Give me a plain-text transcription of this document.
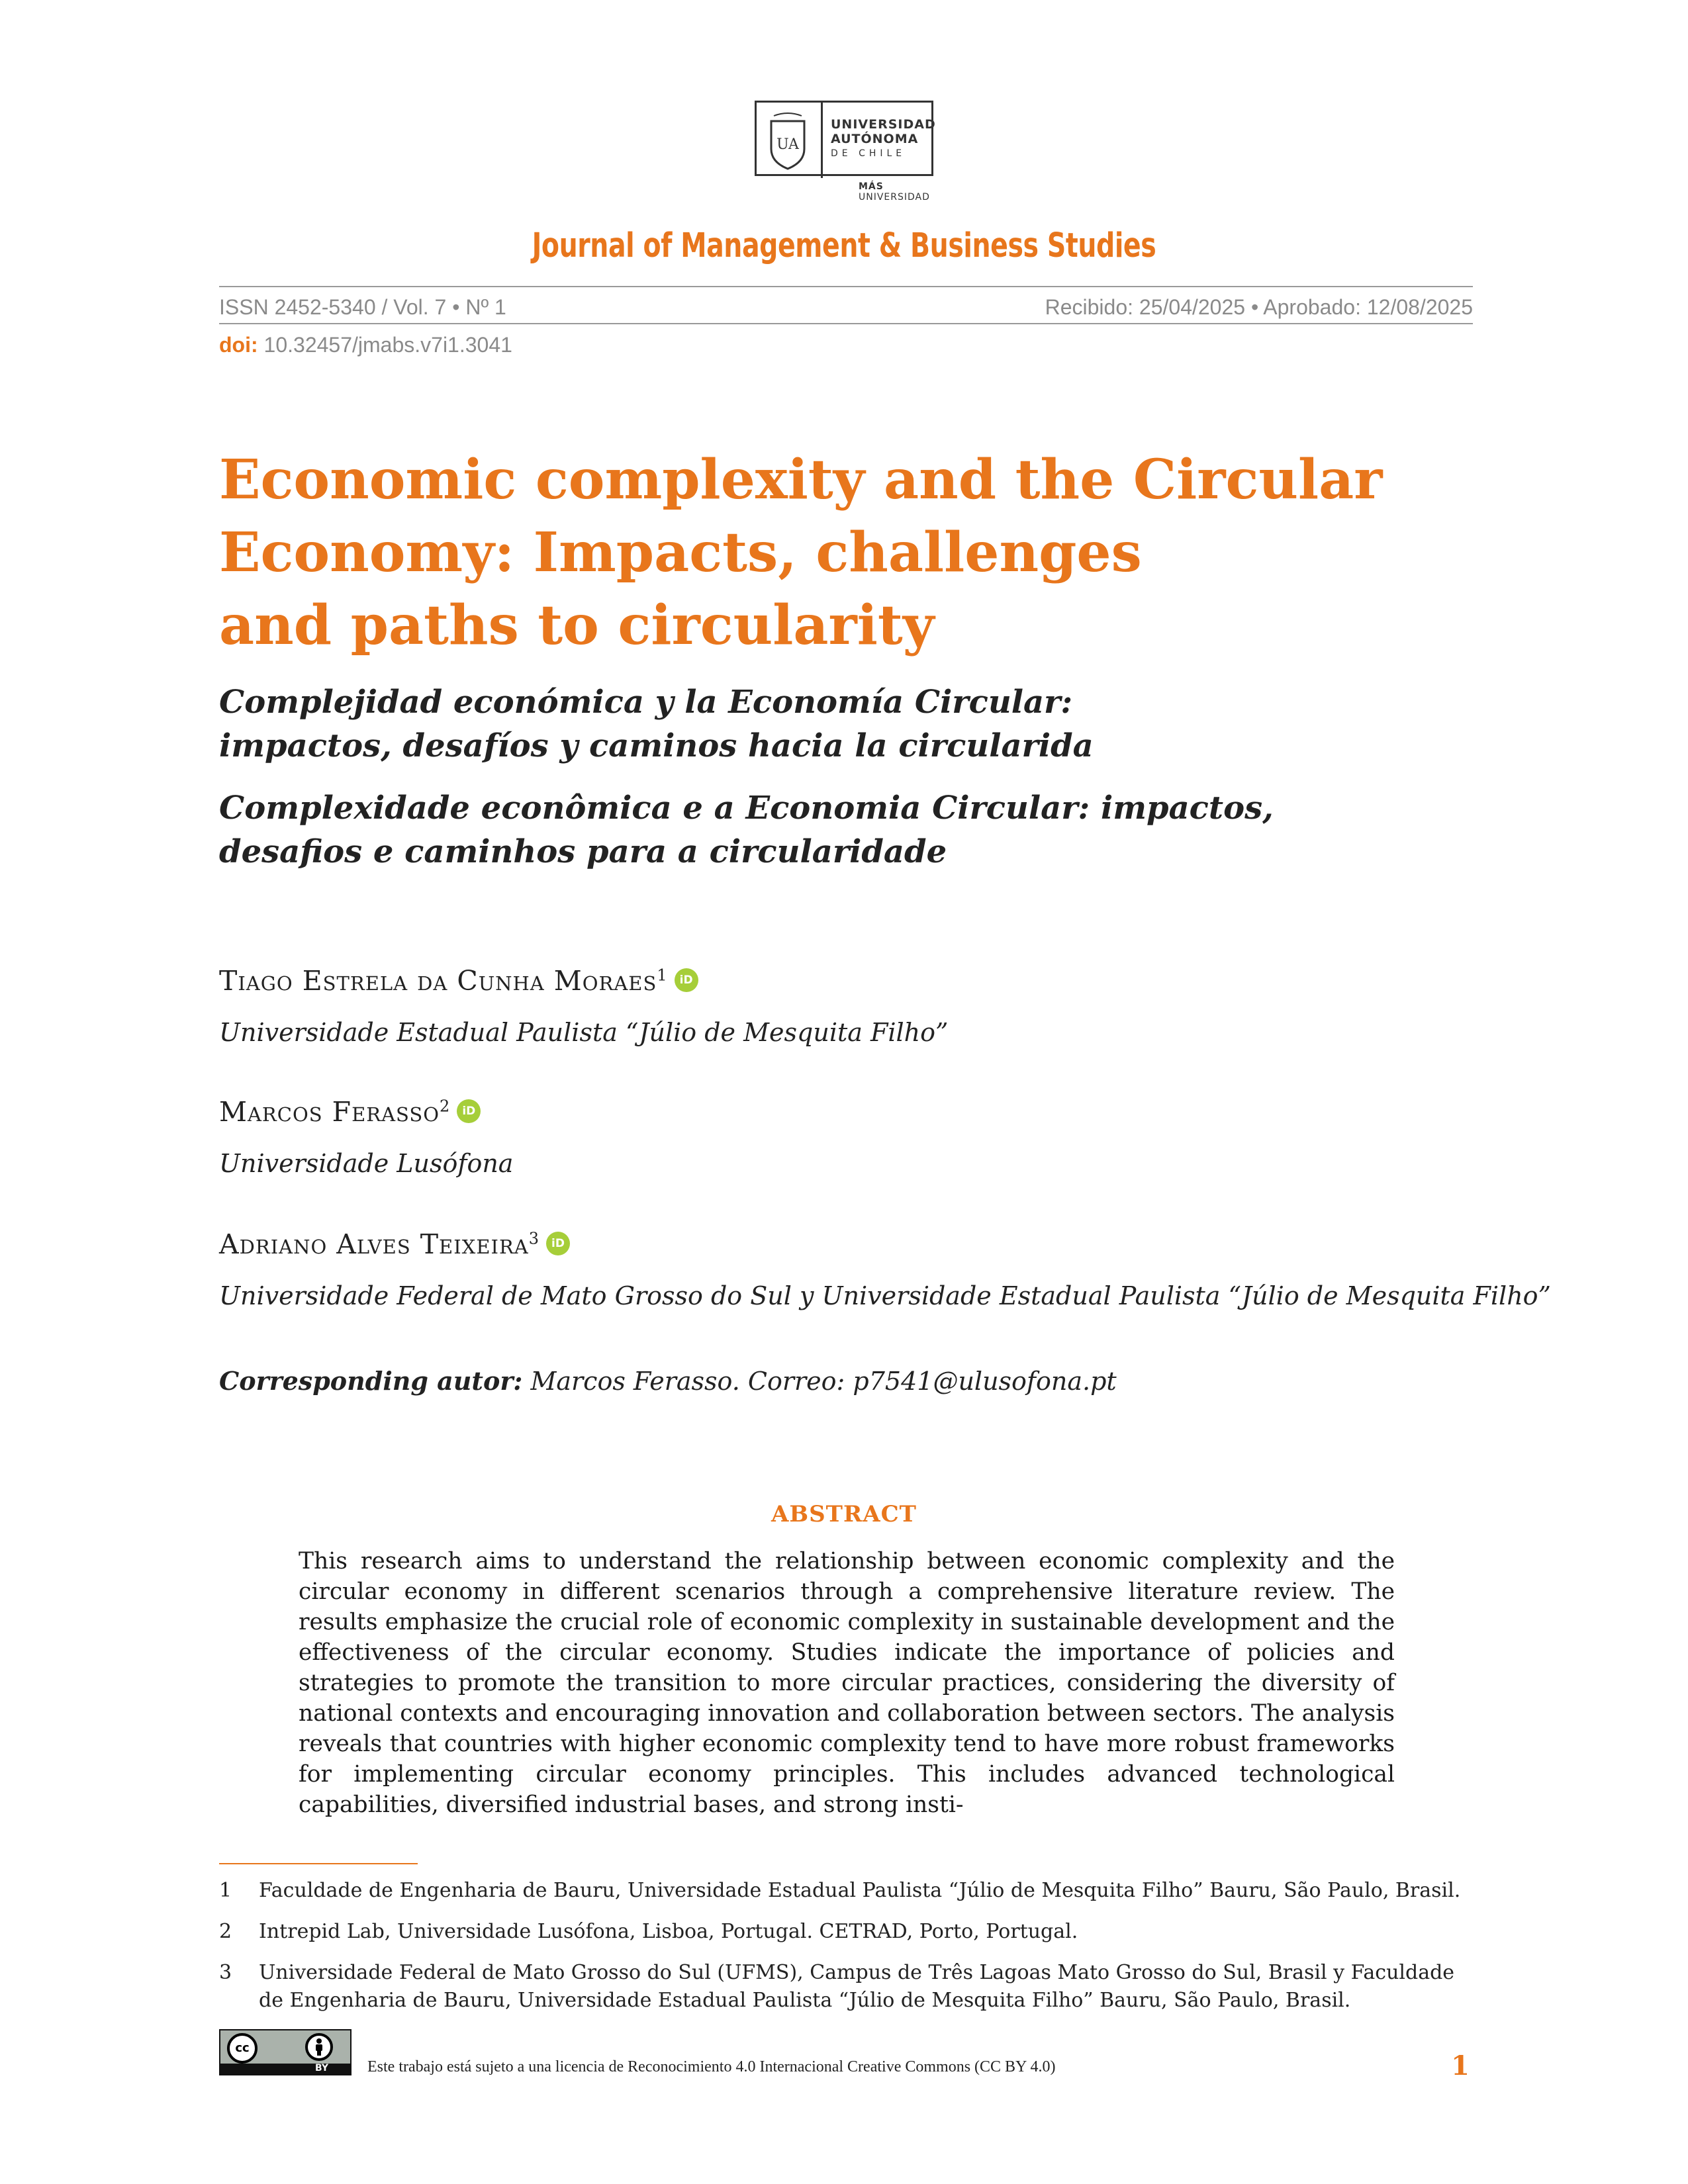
UA
UNIVERSIDAD
AUTÓNOMA
DE CHILE
MÁS UNIVERSIDAD
Journal of Management & Business Studies
ISSN 2452-5340 / Vol. 7 • Nº 1	Recibido: 25/04/2025 • Aprobado: 12/08/2025
doi: 10.32457/jmabs.v7i1.3041
Economic complexity and the Circular
Economy: Impacts, challenges
and paths to circularity
Complejidad económica y la Economía Circular:
impactos, desafíos y caminos hacia la circularida
Complexidade econômica e a Economia Circular: impactos,
desafios e caminhos para a circularidade
Tiago Estrela da Cunha Moraes$^1$ iD
Universidade Estadual Paulista “Júlio de Mesquita Filho”
Marcos Ferasso$^2$ iD
Universidade Lusófona
Adriano Alves Teixeira$^3$ iD
Universidade Federal de Mato Grosso do Sul y Universidade Estadual Paulista “Júlio de Mesquita Filho”
Corresponding autor: Marcos Ferasso. Correo: p7541@ulusofona.pt
ABSTRACT

This research aims to understand the relationship between economic complexity and the circular economy in different scenarios through a comprehensive literature review. The results emphasize the crucial role of economic complexity in sustainable development and the effectiveness of the circular economy. Studies indicate the importance of policies and strategies to promote the transition to more circular practices, considering the diversity of national contexts and encouraging innovation and collaboration between sectors. The analysis reveals that countries with higher economic complexity tend to have more robust frameworks for implementing circular economy principles. This includes advanced technological capabilities, diversified industrial bases, and strong insti-

1 Faculdade de Engenharia de Bauru, Universidade Estadual Paulista “Júlio de Mesquita Filho” Bauru, São Paulo, Brasil.
2 Intrepid Lab, Universidade Lusófona, Lisboa, Portugal. CETRAD, Porto, Portugal.
3 Universidade Federal de Mato Grosso do Sul (UFMS), Campus de Três Lagoas Mato Grosso do Sul, Brasil y Faculdade de Engenharia de Bauru, Universidade Estadual Paulista “Júlio de Mesquita Filho” Bauru, São Paulo, Brasil.
cc
BY	Este trabajo está sujeto a una licencia de Reconocimiento 4.0 Internacional Creative Commons (CC BY 4.0)	1
